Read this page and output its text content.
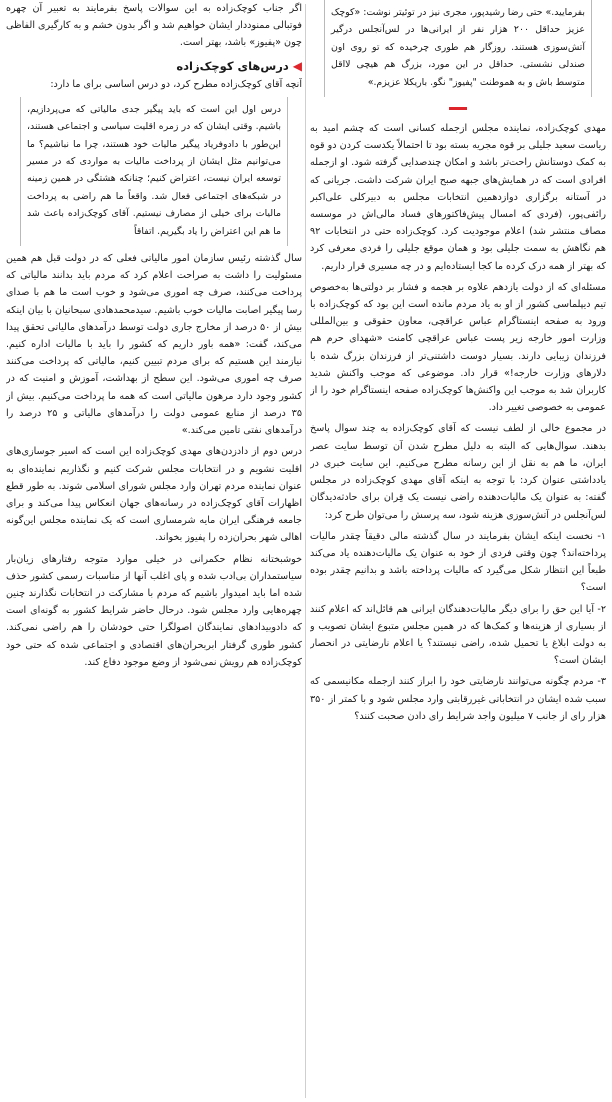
بفرمایید.» حتی رضا رشیدپور، مجری نیز در توئیتر نوشت: «کوچک عزیز حداقل ۲۰۰ هزار نفر از ایرانی‌ها در لس‌آنجلس درگیر آتش‌سوزی هستند. روزگار هم طوری چرخیده که تو روی اون صندلی نشستی. حداقل در این مورد، بزرگ هم هیچی لااقل متوسط باش و به هموطنت "پفیوز" نگو. باریکلا عزیزم.»

مهدی کوچک‌زاده، نماینده مجلس ازجمله کسانی است که چشم امید به ریاست سعید جلیلی بر قوه مجریه بسته بود تا احتمالاً یکدست کردن دو قوه به کمک دوستانش راحت‌تر باشد و امکان چندصدایی گرفته شود. او ازجمله افرادی است که در همایش‌های جبهه صبح ایران شرکت داشت. جریانی که در آستانه برگزاری دوازدهمین انتخابات مجلس به دبیرکلی علی‌اکبر رائفی‌پور، (فردی که امسال پیش‌فاکتورهای فساد مالی‌اش در موسسه مصاف منتشر شد) اعلام موجودیت کرد. کوچک‌زاده حتی در انتخابات ۹۲ هم نگاهش به سمت جلیلی بود و همان موقع جلیلی را فردی معرفی کرد که بهتر از همه درک کرده ما کجا ایستاده‌ایم و در چه مسیری قرار داریم.

مسئله‌ای که از دولت یازدهم علاوه بر هجمه و فشار بر دولتی‌ها به‌خصوص تیم دیپلماسی کشور از او به یاد مردم مانده است این بود که کوچک‌زاده با ورود به صفحه اینستاگرام عباس عراقچی، معاون حقوقی و بین‌المللی وزارت امور خارجه زیر پست عباس عراقچی کامنت «شهدای حرم هم فرزندان زیبایی دارند. بسیار دوست داشتنی‌تر از فرزندان بزرگ شده با دلارهای وزارت خارجه!» قرار داد. موضوعی که موجب واکنش شدید کاربران شد به موجب این واکنش‌ها کوچک‌زاده صفحه اینستاگرام خود را از عمومی به خصوصی تغییر داد.

در مجموع خالی از لطف نیست که آقای کوچک‌زاده به چند سوال پاسخ بدهند. سوال‌هایی که البته به دلیل مطرح شدن آن توسط سایت عصر ایران، ما هم به نقل از این رسانه مطرح می‌کنیم. این سایت خبری در یادداشتی عنوان کرد: با توجه به اینکه آقای مهدی کوچک‌زاده در مجلس گفته‌: به عنوان یک مالیات‌دهنده راضی نیست یک قِران برای حادثه‌دیدگان لس‌آنجلس در آتش‌سوزی هزینه شود، سه پرسش را می‌توان طرح کرد:

۱- نخست اینکه ایشان بفرمایند در سال گذشته مالی دقیقاً چقدر مالیات پرداخته‌اند؟ چون وقتی فردی از خود به عنوان یک مالیات‌دهنده یاد می‌کند طبعاً این انتظار شکل می‌گیرد که مالیات پرداخته باشد و بدانیم چقدر بوده است؟

۲- آیا این حق را برای دیگر مالیات‌دهندگان ایرانی هم قائل‌اند که اعلام کنند از بسیاری از هزینه‌ها و کمک‌ها که در همین مجلس متبوع ایشان تصویب و به دولت ابلاغ یا تحمیل شده، راضی نیستند؟ یا اعلام نارضایتی در انحصار ایشان است؟

۳- مردم چگونه می‌توانند نارضایتی خود را ابراز کنند ازجمله مکانیسمی که سبب شده ایشان در انتخاباتی غیررقابتی وارد مجلس شود و با کمتر از ۳۵۰ هزار رای از جانب ۷ میلیون واجد شرایط رای دادن صحبت کنند؟

اگر جناب کوچک‌زاده به این سوالات پاسخ بفرمایند به تعبیر آن چهره فوتبالی ممنوددار ایشان خواهیم شد و اگر بدون خشم و به کارگیری الفاظی چون «پفیوز» باشد، بهتر است.

◀
درس‌های کوچک‌زاده

آنچه آقای کوچک‌زاده مطرح کرد، دو درس اساسی برای ما دارد:

درس اول این است که باید پیگیر جدی مالیاتی که می‌پردازیم، باشیم. وقتی ایشان که در زمره اقلیت سیاسی و اجتماعی هستند، این‌طور با دادوفریاد پیگیر مالیات خود هستند، چرا ما نباشیم؟ ما می‌توانیم مثل ایشان از پرداخت مالیات به مواردی که در مسیر توسعه ایران نیست، اعتراض کنیم؛ چنانکه هشتگی در همین زمینه در شبکه‌های اجتماعی فعال شد. واقعاً ما هم راضی به پرداخت مالیات برای خیلی از مصارف نیستیم. آقای کوچک‌زاده باعث شد ما هم این اعتراض را یاد بگیریم. اتفاقاً

سال گذشته رئیس سازمان امور مالیاتی فعلی که در دولت قبل هم همین مسئولیت را داشت به صراحت اعلام کرد که مردم باید بدانند مالیاتی که پرداخت می‌کنند، صرف چه اموری می‌شود و خوب است ما هم با صدای رسا پیگیر اصابت مالیات خوب باشیم. سیدمحمدهادی سبحانیان با بیان اینکه بیش از ۵۰ درصد از مخارج جاری دولت توسط درآمدهای مالیاتی تحقق پیدا می‌کند، گفت: «همه باور داریم که کشور را باید با مالیات اداره کنیم. نیازمند این هستیم که برای مردم تبیین کنیم، مالیاتی که پرداخت می‌کنند صرف چه اموری می‌شود. این سطح از بهداشت، آموزش و امنیت که در کشور وجود دارد مرهون مالیاتی است که همه ما پرداخت می‌کنیم. بیش از ۳۵ درصد از منابع عمومی دولت را درآمدهای مالیاتی و ۲۵ درصد را درآمدهای نفتی تامین می‌کند.»

درس دوم از دادزدن‌های مهدی کوچک‌زاده این است که اسیر جوسازی‌های اقلیت نشویم و در انتخابات مجلس شرکت کنیم و نگذاریم نماینده‌ای به عنوان نماینده مردم تهران وارد مجلس شورای اسلامی شوند. به طور قطع اظهارات آقای کوچک‌زاده در رسانه‌های جهان انعکاس پیدا می‌کند و برای جامعه فرهنگی ایران مایه شرمساری است که یک نماینده مجلس این‌گونه اهالی شهر بحران‌زده را پفیوز بخواند.

خوشبختانه نظام حکمرانی در خیلی موارد متوجه رفتارهای زیان‌بار سیاستمداران بی‌ادب شده و پای اغلب آنها از مناسبات رسمی کشور حذف شده اما باید امیدوار باشیم که مردم با مشارکت در انتخابات نگذارند چنین چهره‌هایی وارد مجلس شود. درحال حاضر شرایط کشور به گونه‌ای است که دادوبیدادهای نمایندگان اصولگرا حتی خودشان را هم راضی نمی‌کند. کشور طوری گرفتار ابربحران‌های اقتصادی و اجتماعی شده که حتی خود کوچک‌زاده هم رویش نمی‌شود از وضع موجود دفاع کند.
